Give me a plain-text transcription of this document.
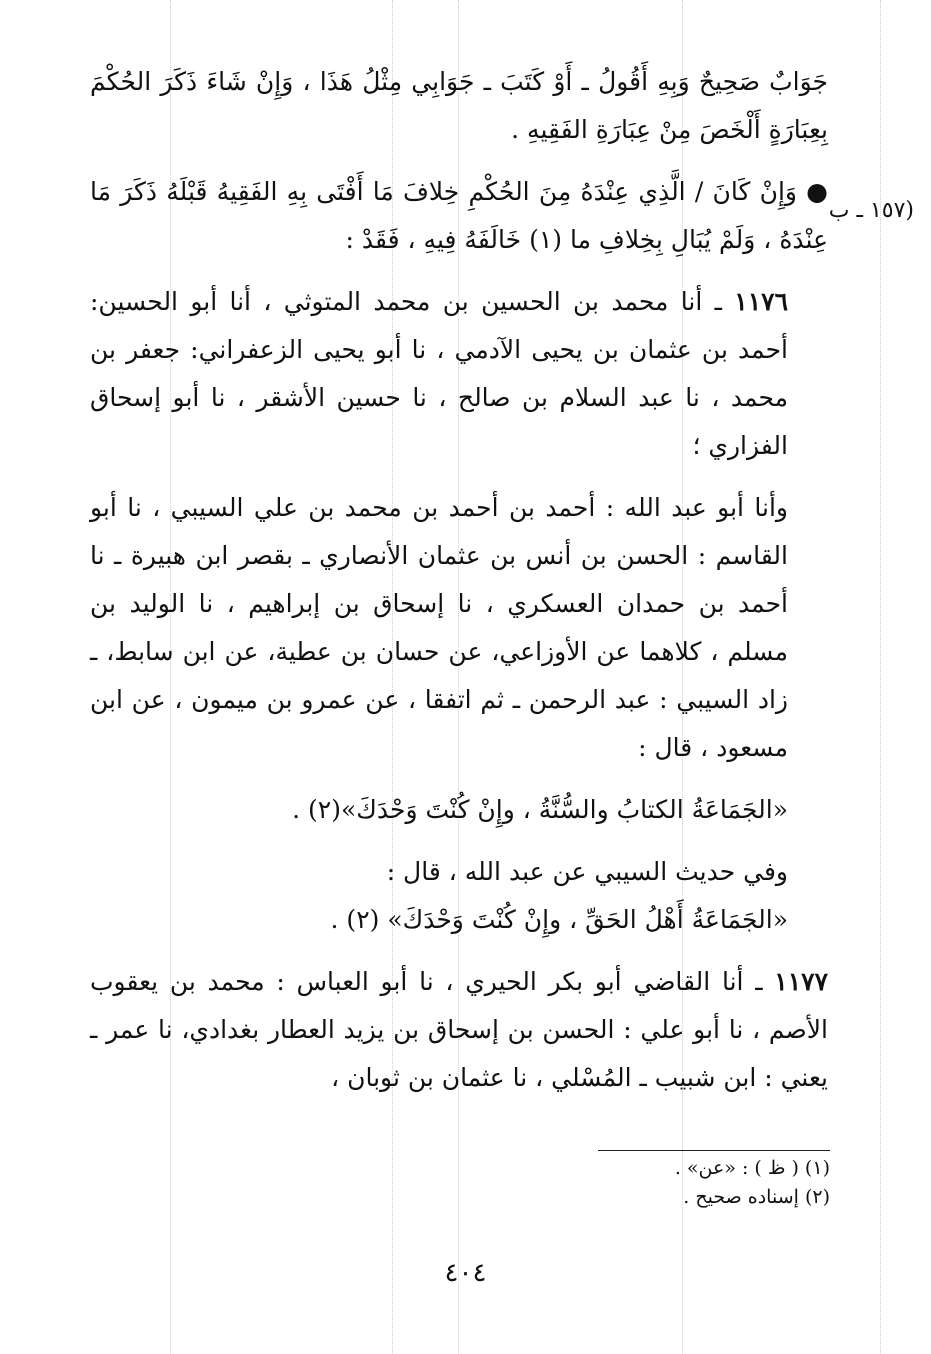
(١٥٧ ـ ب

جَوَابٌ صَحِيحٌ وَبِهِ أَقُولُ ـ أَوْ كَتَبَ ـ جَوَابِي مِثْلُ هَذَا ، وَإِنْ شَاءَ ذَكَرَ الحُكْمَ بِعِبَارَةٍ أَلْخَصَ مِنْ عِبَارَةِ الفَقِيهِ .

● وَإِنْ كَانَ / الَّذِي عِنْدَهُ مِنَ الحُكْمِ خِلافَ مَا أَفْتَى بِهِ الفَقِيهُ قَبْلَهُ ذَكَرَ مَا عِنْدَهُ ، وَلَمْ يُبَالِ بِخِلافِ ما (١) خَالَفَهُ فِيهِ ، فَقَدْ :

١١٧٦ ـ أنا محمد بن الحسين بن محمد المتوثي ، أنا أبو الحسين: أحمد بن عثمان بن يحيى الآدمي ، نا أبو يحيى الزعفراني: جعفر بن محمد ، نا عبد السلام بن صالح ، نا حسين الأشقر ، نا أبو إسحاق الفزاري ؛

وأنا أبو عبد الله : أحمد بن أحمد بن محمد بن علي السيبي ، نا أبو القاسم : الحسن بن أنس بن عثمان الأنصاري ـ بقصر ابن هبيرة ـ نا أحمد بن حمدان العسكري ، نا إسحاق بن إبراهيم ، نا الوليد بن مسلم ، كلاهما عن الأوزاعي، عن حسان بن عطية، عن ابن سابط، ـ زاد السيبي : عبد الرحمن ـ ثم اتفقا ، عن عمرو بن ميمون ، عن ابن مسعود ، قال :

«الجَمَاعَةُ الكتابُ والسُّنَّةُ ، وإِنْ كُنْتَ وَحْدَكَ»(٢) .

وفي حديث السيبي عن عبد الله ، قال :

«الجَمَاعَةُ أَهْلُ الحَقِّ ، وإِنْ كُنْتَ وَحْدَكَ» (٢) .

١١٧٧ ـ أنا القاضي أبو بكر الحيري ، نا أبو العباس : محمد بن يعقوب الأصم ، نا أبو علي : الحسن بن إسحاق بن يزيد العطار بغدادي، نا عمر ـ يعني : ابن شبيب ـ المُسْلي ، نا عثمان بن ثوبان ،

(١) ( ظ ) : «عن» .
(٢) إسناده صحيح .
٤٠٤
